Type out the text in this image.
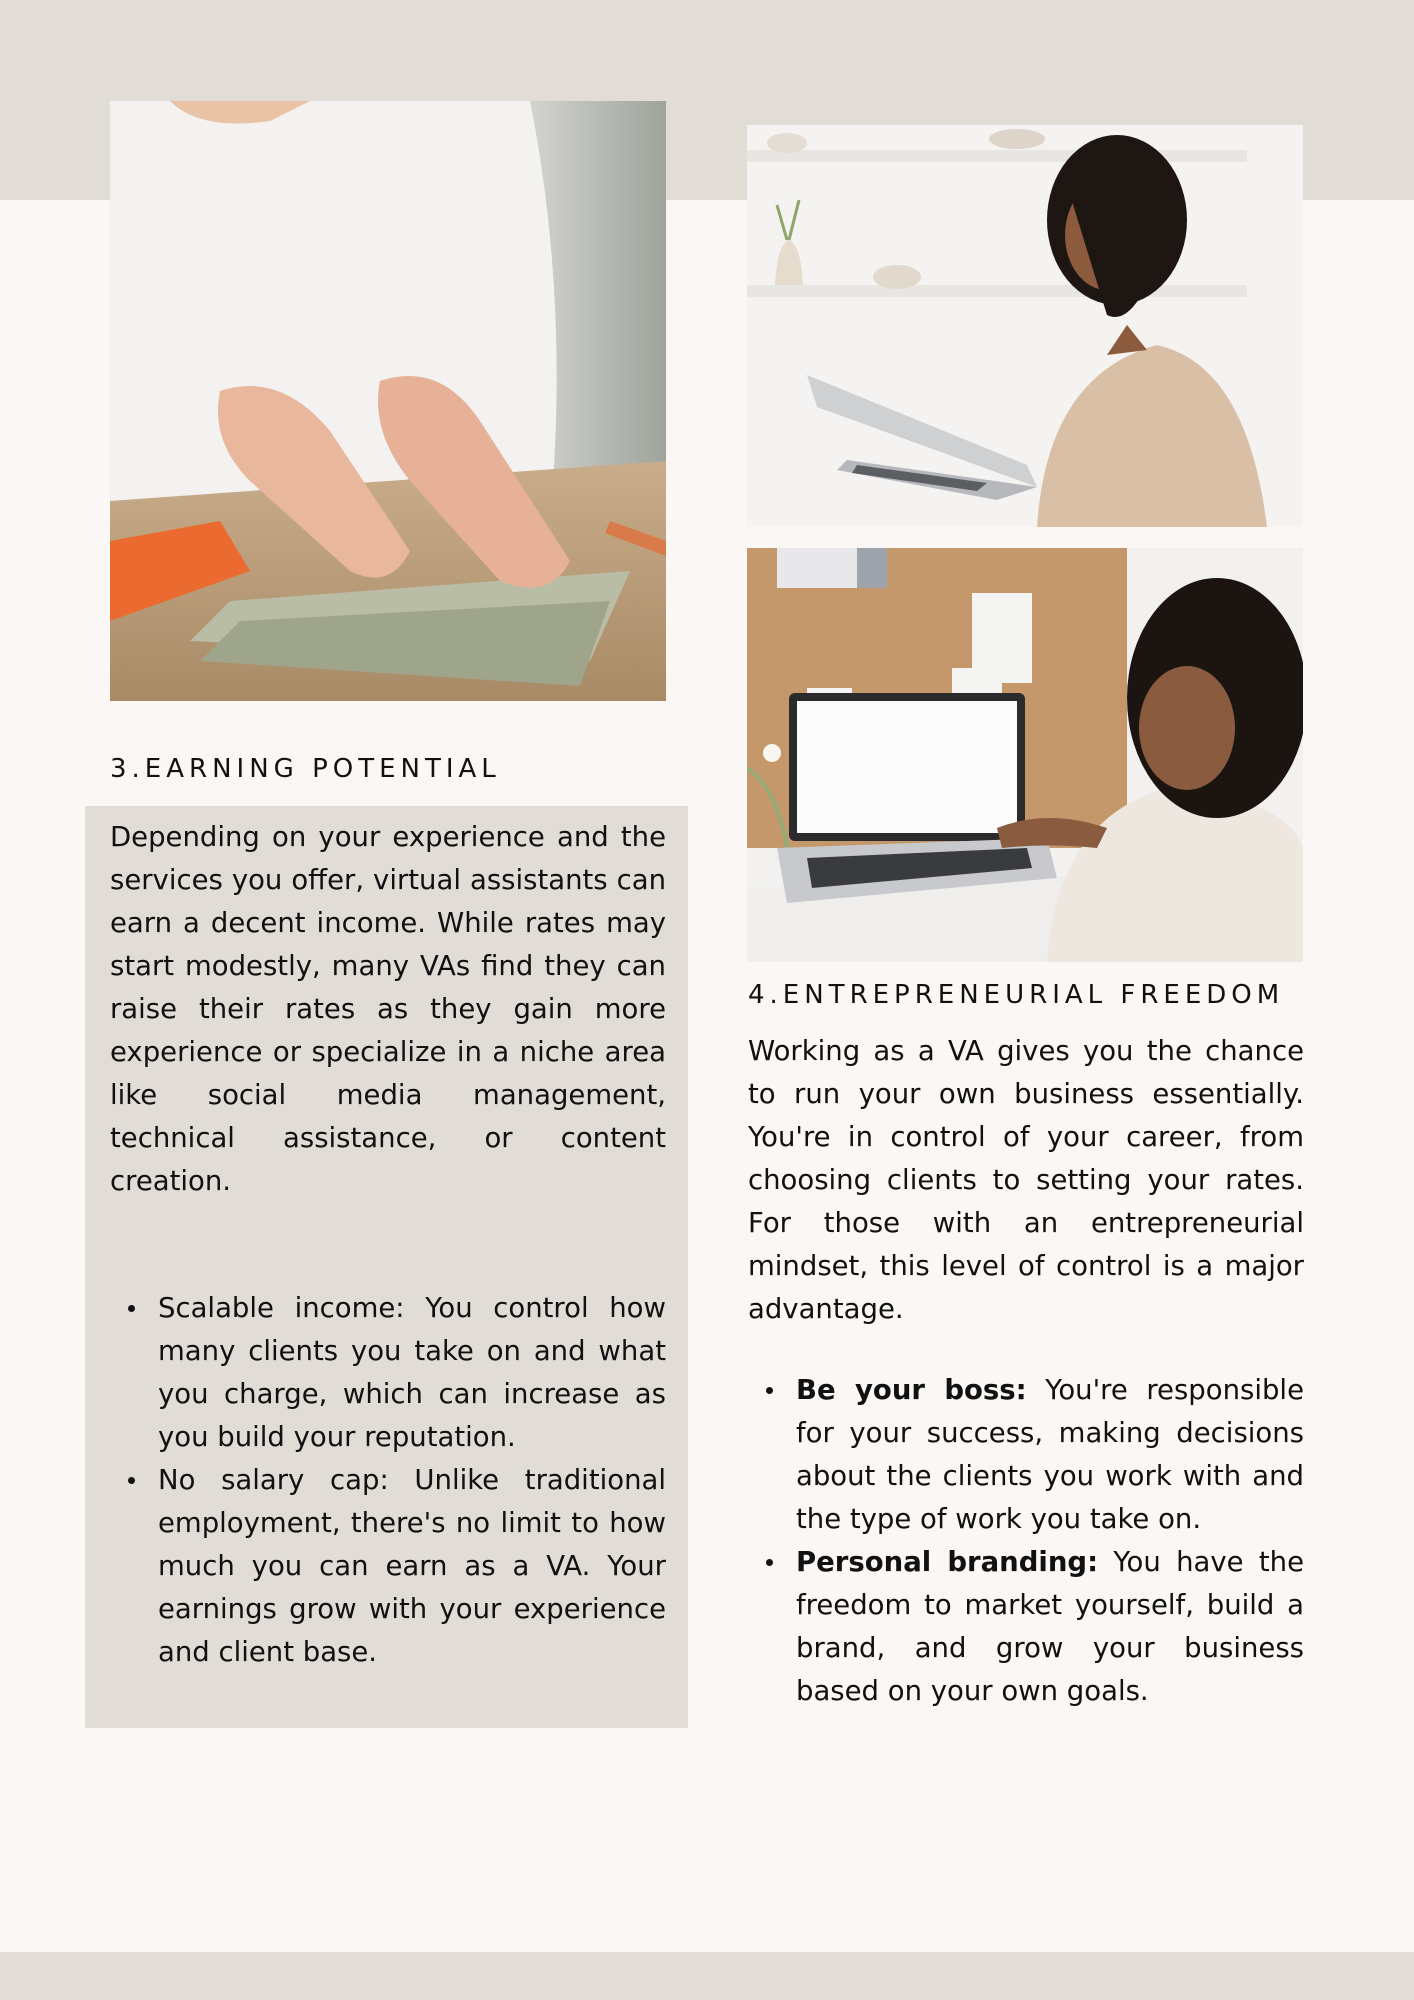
3.EARNING POTENTIAL

Depending on your experience and the services you offer, virtual assistants can earn a decent income. While rates may start modestly, many VAs find they can raise their rates as they gain more experience or specialize in a niche area like social media management, technical assistance, or content creation.

Scalable income: You control how many clients you take on and what you charge, which can increase as you build your reputation.
No salary cap: Unlike traditional employment, there's no limit to how much you can earn as a VA. Your earnings grow with your experience and client base.
4.ENTREPRENEURIAL FREEDOM

Working as a VA gives you the chance to run your own business essentially. You're in control of your career, from choosing clients to setting your rates. For those with an entrepreneurial mindset, this level of control is a major advantage.

Be your boss: You're responsible for your success, making decisions about the clients you work with and the type of work you take on.
Personal branding: You have the freedom to market yourself, build a brand, and grow your business based on your own goals.
